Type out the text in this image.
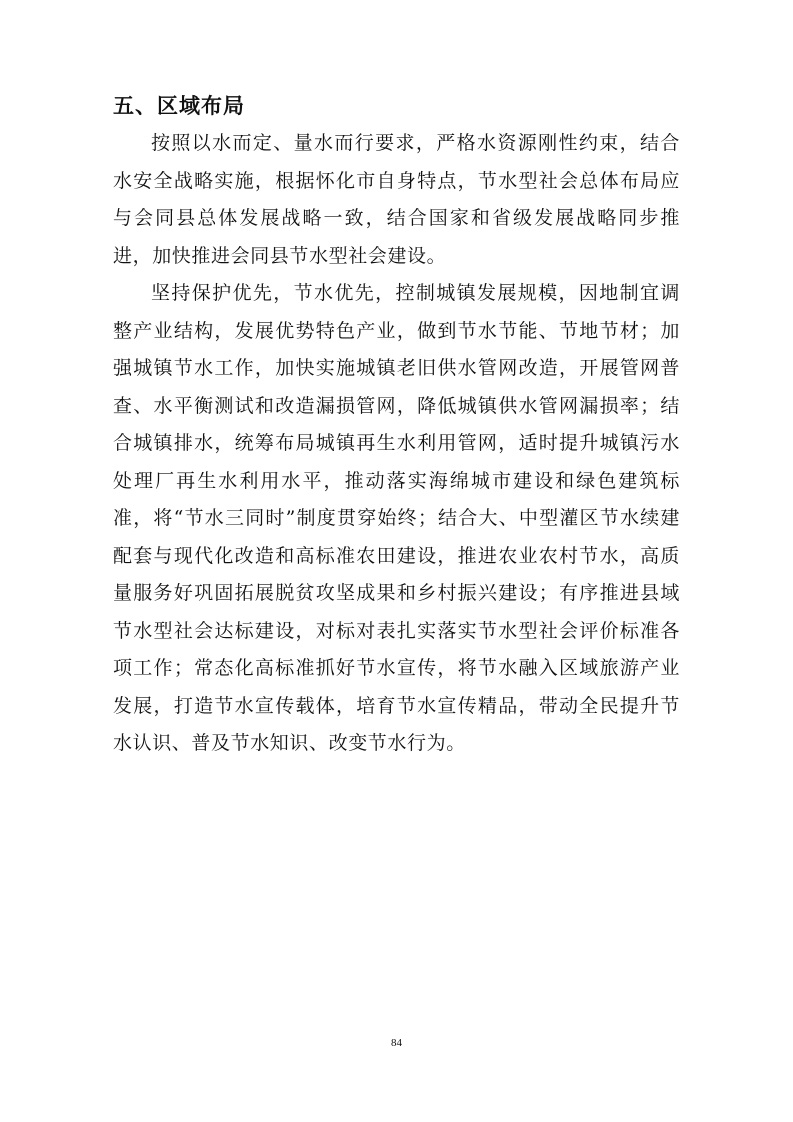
五、区域布局

按照以水而定、量水而行要求，严格水资源刚性约束，结合水安全战略实施，根据怀化市自身特点，节水型社会总体布局应与会同县总体发展战略一致，结合国家和省级发展战略同步推进，加快推进会同县节水型社会建设。

坚持保护优先，节水优先，控制城镇发展规模，因地制宜调整产业结构，发展优势特色产业，做到节水节能、节地节材；加强城镇节水工作，加快实施城镇老旧供水管网改造，开展管网普查、水平衡测试和改造漏损管网，降低城镇供水管网漏损率；结合城镇排水，统筹布局城镇再生水利用管网，适时提升城镇污水处理厂再生水利用水平，推动落实海绵城市建设和绿色建筑标准，将“节水三同时”制度贯穿始终；结合大、中型灌区节水续建配套与现代化改造和高标准农田建设，推进农业农村节水，高质量服务好巩固拓展脱贫攻坚成果和乡村振兴建设；有序推进县域节水型社会达标建设，对标对表扎实落实节水型社会评价标准各项工作；常态化高标准抓好节水宣传，将节水融入区域旅游产业发展，打造节水宣传载体，培育节水宣传精品，带动全民提升节水认识、普及节水知识、改变节水行为。

84
